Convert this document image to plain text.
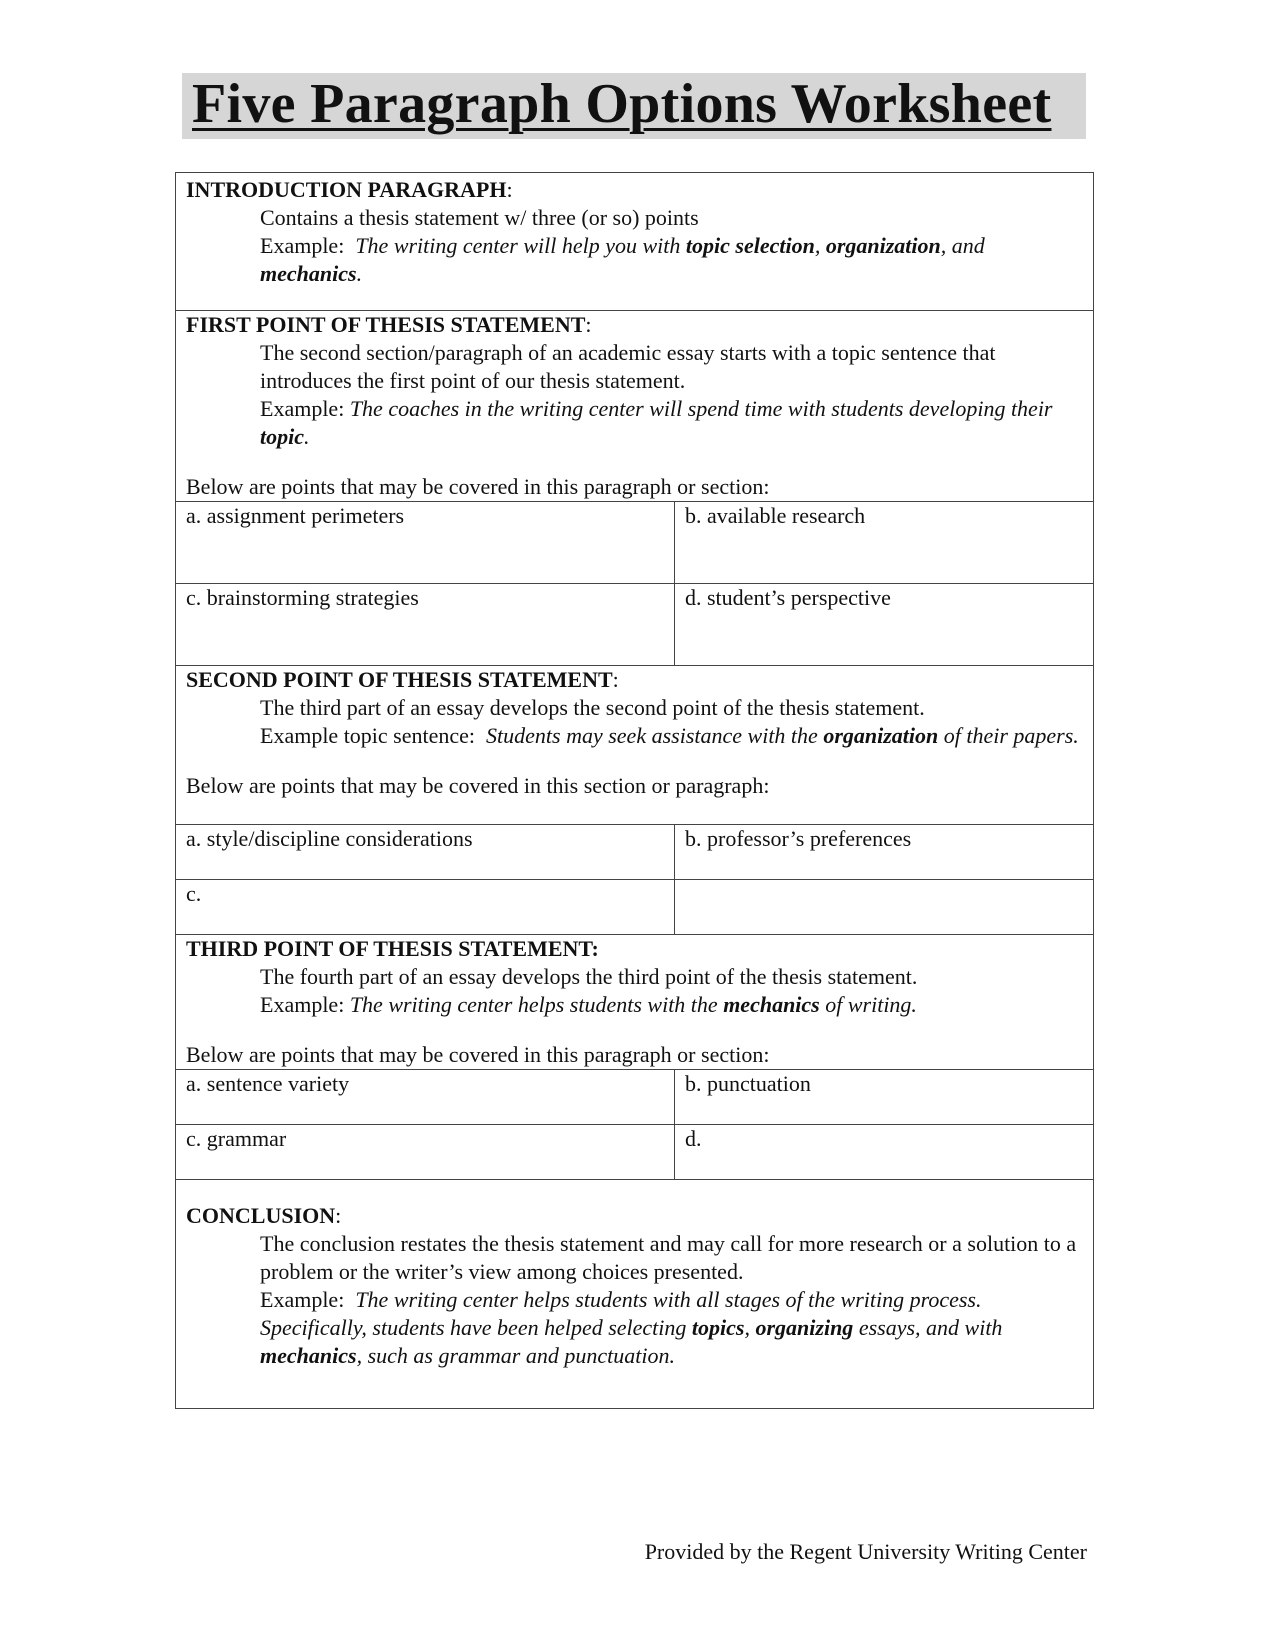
Five Paragraph Options Worksheet

INTRODUCTION PARAGRAPH:

Contains a thesis statement w/ three (or so) points

Example: The writing center will help you with topic selection, organization, and mechanics.	

FIRST POINT OF THESIS STATEMENT:

The second section/paragraph of an academic essay starts with a topic sentence that introduces the first point of our thesis statement.

Example: The coaches in the writing center will spend time with students developing their topic.

Below are points that may be covered in this paragraph or section:	

a. assignment perimeters	b. available research
c. brainstorming strategies	d. student’s perspective

SECOND POINT OF THESIS STATEMENT:

The third part of an essay develops the second point of the thesis statement.

Example topic sentence: Students may seek assistance with the organization of their papers.

Below are points that may be covered in this section or paragraph:	

a. style/discipline considerations	b. professor’s preferences
c.	

THIRD POINT OF THESIS STATEMENT:

The fourth part of an essay develops the third point of the thesis statement.

Example: The writing center helps students with the mechanics of writing.

Below are points that may be covered in this paragraph or section:	

a. sentence variety	b. punctuation
c. grammar	d.

CONCLUSION:

The conclusion restates the thesis statement and may call for more research or a solution to a problem or the writer’s view among choices presented.

Example: The writing center helps students with all stages of the writing process. Specifically, students have been helped selecting topics, organizing essays, and with mechanics, such as grammar and punctuation.	

Provided by the Regent University Writing Center
